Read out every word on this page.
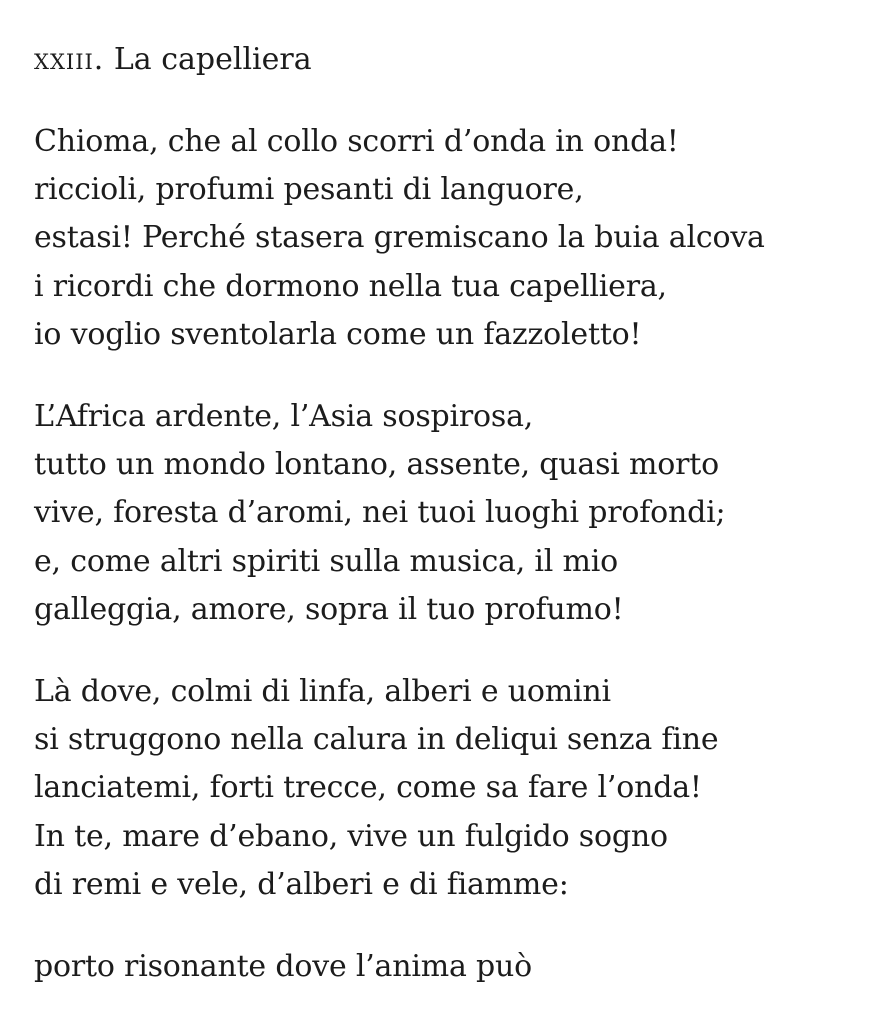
xxiii. La capelliera
Chioma, che al collo scorri d’onda in onda!
riccioli, profumi pesanti di languore,
estasi! Perché stasera gremiscano la buia alcova
i ricordi che dormono nella tua capelliera,
io voglio sventolarla come un fazzoletto!
L’Africa ardente, l’Asia sospirosa,
tutto un mondo lontano, assente, quasi morto
vive, foresta d’aromi, nei tuoi luoghi profondi;
e, come altri spiriti sulla musica, il mio
galleggia, amore, sopra il tuo profumo!
Là dove, colmi di linfa, alberi e uomini
si struggono nella calura in deliqui senza fine
lanciatemi, forti trecce, come sa fare l’onda!
In te, mare d’ebano, vive un fulgido sogno
di remi e vele, d’alberi e di fiamme:
porto risonante dove l’anima può
